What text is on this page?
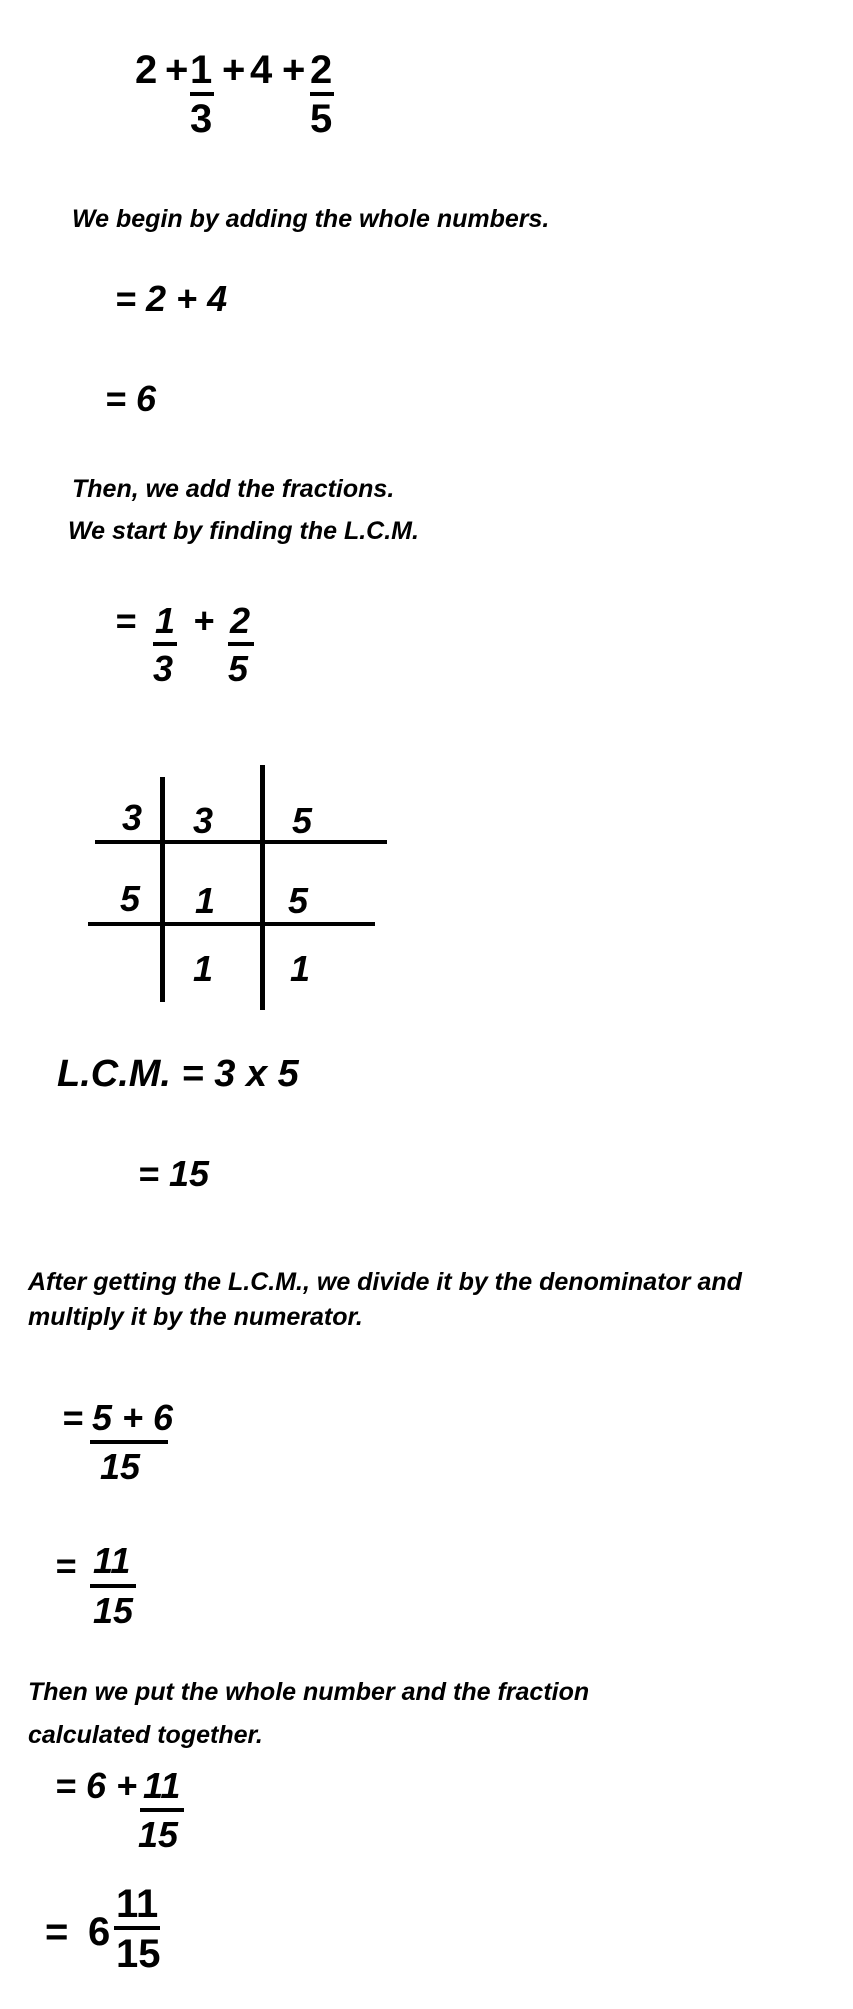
2 + 1
3
+ 4 + 2
5
We begin by adding the whole numbers.
= 2 + 4
= 6
Then, we add the fractions.
We start by finding the L.C.M.
= 1
3
+ 2
5
3 3 5
5 1 5
1 1
L.C.M. = 3 x 5
= 15
After getting the L.C.M., we divide it by the denominator and
multiply it by the numerator.
= 5 + 6
15
= 11
15
Then we put the whole number and the fraction
calculated together.
= 6 + 11
15
= 6
11
15
